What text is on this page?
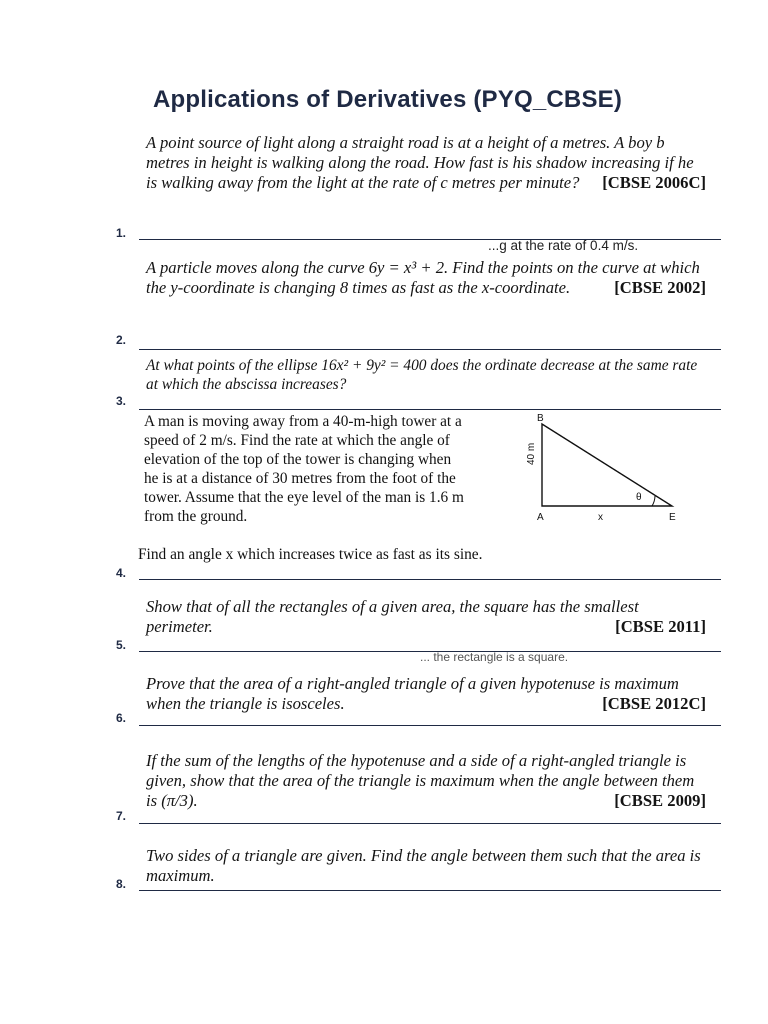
Applications of Derivatives (PYQ_CBSE)

A point source of light along a straight road is at a height of a metres. A boy b metres in height is walking along the road. How fast is his shadow increasing if he is walking away from the light at the rate of c metres per minute? [CBSE 2006C]

1.
...g at the rate of 0.4 m/s.

A particle moves along the curve 6y = x³ + 2. Find the points on the curve at which the y-coordinate is changing 8 times as fast as the x-coordinate.	[CBSE 2002]

2.

At what points of the ellipse 16x² + 9y² = 400 does the ordinate decrease at the same rate at which the abscissa increases?

3.

A man is moving away from a 40-m-high tower at a speed of 2 m/s. Find the rate at which the angle of elevation of the top of the tower is changing when he is at a distance of 30 metres from the foot of the tower. Assume that the eye level of the man is 1.6 m from the ground.

B
A	E
x
θ
40 m

Find an angle x which increases twice as fast as its sine.

4.

Show that of all the rectangles of a given area, the square has the smallest perimeter.	[CBSE 2011]

5.
... the rectangle is a square.

Prove that the area of a right-angled triangle of a given hypotenuse is maximum when the triangle is isosceles.	[CBSE 2012C]

6.

If the sum of the lengths of the hypotenuse and a side of a right-angled triangle is given, show that the area of the triangle is maximum when the angle between them is (π/3).	[CBSE 2009]

7.

Two sides of a triangle are given. Find the angle between them such that the area is maximum.

8.
